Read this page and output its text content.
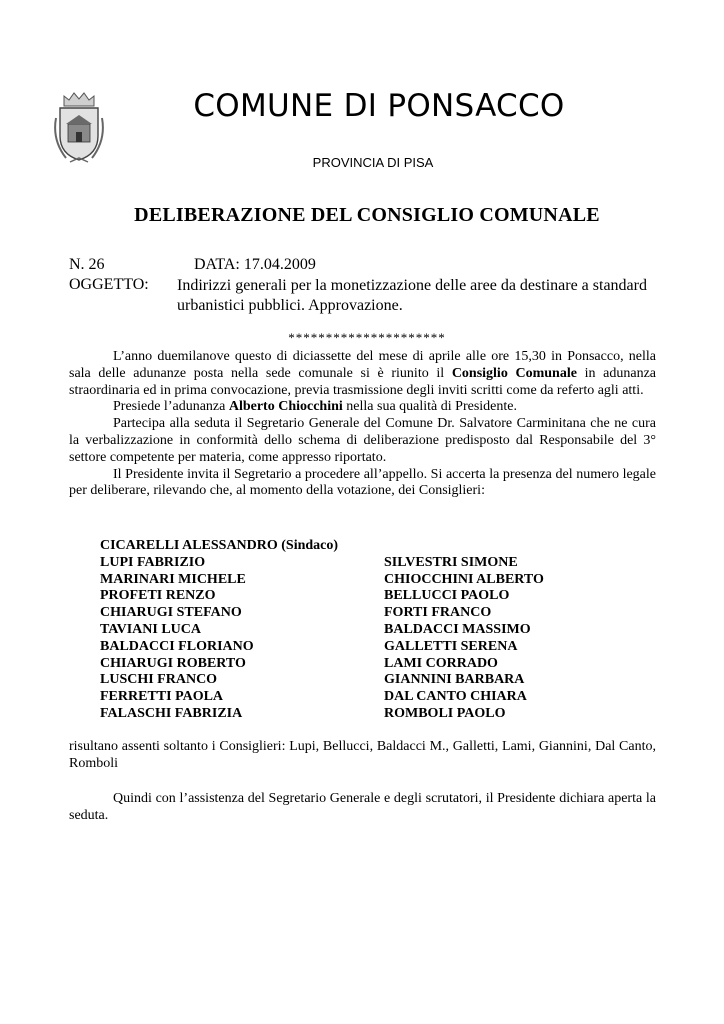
COMUNE DI PONSACCO
PROVINCIA DI PISA
DELIBERAZIONE DEL CONSIGLIO COMUNALE
N. 26	DATA: 17.04.2009
OGGETTO: Indirizzi generali per la monetizzazione delle aree da destinare a standard urbanistici pubblici. Approvazione.
*********************

L’anno duemilanove questo di diciassette del mese di aprile alle ore 15,30 in Ponsacco, nella sala delle adunanze posta nella sede comunale si è riunito il Consiglio Comunale in adunanza straordinaria ed in prima convocazione, previa trasmissione degli inviti scritti come da referto agli atti.

Presiede l’adunanza Alberto Chiocchini nella sua qualità di Presidente.

Partecipa alla seduta il Segretario Generale del Comune Dr. Salvatore Carminitana che ne cura la verbalizzazione in conformità dello schema di deliberazione predisposto dal Responsabile del 3° settore competente per materia, come appresso riportato.

Il Presidente invita il Segretario a procedere all’appello. Si accerta la presenza del numero legale per deliberare, rilevando che, al momento della votazione, dei Consiglieri:

CICARELLI ALESSANDRO (Sindaco)
LUPI FABRIZIO
MARINARI MICHELE
PROFETI RENZO
CHIARUGI STEFANO
TAVIANI LUCA
BALDACCI FLORIANO
CHIARUGI ROBERTO
LUSCHI FRANCO
FERRETTI PAOLA
FALASCHI FABRIZIA
SILVESTRI SIMONE
CHIOCCHINI ALBERTO
BELLUCCI PAOLO
FORTI FRANCO
BALDACCI MASSIMO
GALLETTI SERENA
LAMI CORRADO
GIANNINI BARBARA
DAL CANTO CHIARA
ROMBOLI PAOLO

risultano assenti soltanto i Consiglieri: Lupi, Bellucci, Baldacci M., Galletti, Lami, Giannini, Dal Canto, Romboli

Quindi con l’assistenza del Segretario Generale e degli scrutatori, il Presidente dichiara aperta la seduta.
